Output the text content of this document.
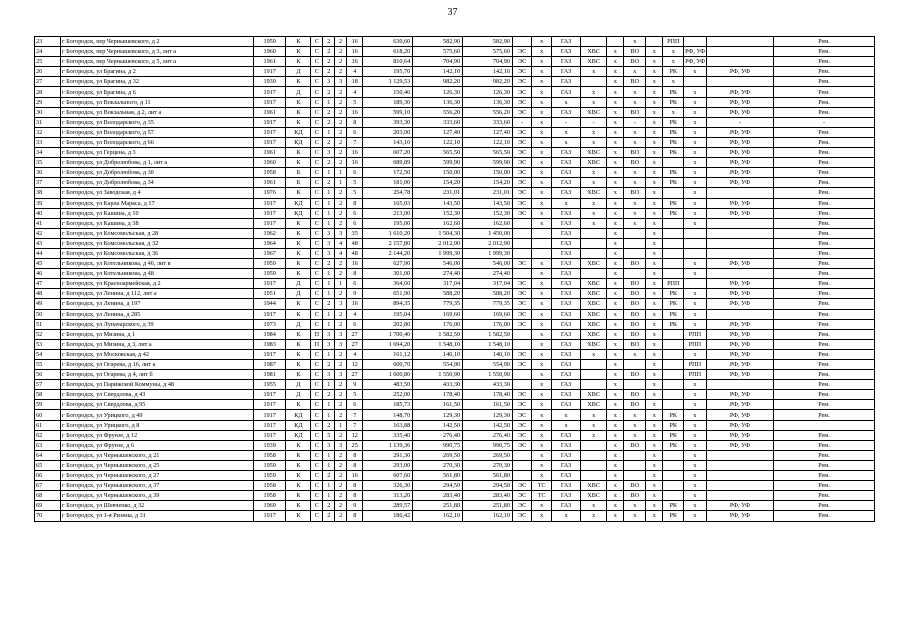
37
23	г Богородск, пер Чернышевского, д 2	1959	К	С	2	2	16	630,60	582,90	582,90		х	ГАЗ			х		РПП			Рем.
24	г Богородск, пер Чернышевского, д 3, лит а	1960	К	С	2	2	16	618,20	575,60	575,60	ЭС	х	ГАЗ	ХВС	х	ВО	х	х	РФ, УФ		Рем.
25	г Богородск, пер Чернышевского, д 5, лит а	1961	К	С	2	2	16	810,64	704,90	704,90	ЭС	х	ГАЗ	ХВС	х	ВО	х	х	РФ, УФ		Рем.
26	г Богородск, ул Брагина, д 2	1917	Д	С	2	2	4	195,70	142,10	142,10	ЭС	х	ГАЗ	х	х	х	х	РК	х	РФ, УФ	Рем.
27	г Богородск, ул Брагина, д 32	1939	К	С	3	3	18	1 129,53	982,20	982,20	ЭС	х	ГАЗ		х	ВО	х	х			Рем.
28	г Богородск, ул Брагина, д 6	1917	Д	С	2	2	4	150,46	126,30	126,30	ЭС	х	ГАЗ	х	х	х	х	РК	х	РФ, УФ	Рем.
29	г Богородск, ул Вокзального, д 11	1917	К	С	1	2	5	189,30	136,30	136,30	ЭС	х	х	х	х	х	х	РК	х	РФ, УФ	Рем.
30	г Богородск, ул Вокзальная, д 2, лит а	1961	К	С	2	2	16	599,10	556,20	556,20	ЭС	х	ГАЗ	ХВС	х	ВО	х	х	х	РФ, УФ	Рем.
31	г Богородск, ул Володарского, д 35	1917	К	С	2	2	8	393,30	333,60	333,60	-	х	-	-	х	-	х	РК	х	-	-
32	г Богородск, ул Володарского, д 57	1917	КД	С	1	2	6	203,00	127,40	127,40	ЭС	х	х	х	х	х	х	РК	х	РФ, УФ	Рем.
33	г Богородск, ул Володарского, д 66	1917	КД	С	2	2	7	143,10	122,10	122,10	ЭС	х	х	х	х	х	х	РК	х	РФ, УФ	Рем.
34	г Богородск, ул Герцена, д 3	1961	К	С	3	2	16	607,20	565,50	565,50	ЭС	х	ГАЗ	ХВС	х	ВО	х	РК	х	РФ, УФ	Рем.
35	г Богородск, ул Добролюбова, д 1, лит а	1960	К	С	2	2	16	689,89	599,90	599,90	ЭС	х	ГАЗ	ХВС	х	ВО	х		х	РФ, УФ	Рем.
36	г Богородск, ул Добролюбова, д 30	1958	Б	С	1	1	6	172,50	150,00	150,00	ЭС	х	ГАЗ	х	х	х	х	РК	х	РФ, УФ	Рем.
37	г Богородск, ул Добролюбова, д 34	1961	Б	С	2	1	5	181,00	154,20	154,20	ЭС	х	ГАЗ	х	х	х	х	РК	х	РФ, УФ	Рем.
38	г Богородск, ул Заводская, д 4	1976	К	С	1	2	5	254,78	231,01	231,01	ЭС	х	ГАЗ	ХВС	х	ВО	х		х		Рем.
39	г Богородск, ул Карла Маркса, д 17	1917	КД	С	1	2	8	165,03	143,50	143,50	ЭС	х	х	х	х	х	х	РК	х	РФ, УФ	Рем.
40	г Богородск, ул Кашина, д 10	1917	КД	С	1	2	6	213,00	152,30	152,30	ЭС	х	ГАЗ	х	х	х	х	РК	х	РФ, УФ	Рем.
41	г Богородск, ул Кашина, д 38	1917	К	С	1	2	6	195,00	162,60	162,60		х	ГАЗ	х	х	х	х		х		Рем.
42	г Богородск, ул Комсомольская, д 28	1962	К	С	3	3	35	1 610,20	1 504,30	1 450,00			ГАЗ		х		х				Рем.
43	г Богородск, ул Комсомольская, д 32	1964	К	С	3	4	48	2 157,80	2 012,90	2 012,90			ГАЗ		х		х				Рем.
44	г Богородск, ул Комсомольская, д 36	1967	К	С	3	4	48	2 144,20	1 999,30	1 999,30			ГАЗ		х		х				Рем.
45	г Богородск, ул Котельникова, д 46, лит в	1959	К	С	2	2	16	627,90	546,00	546,00	ЭС	х	ГАЗ	ХВС	х	ВО	х		х	РФ, УФ	Рем.
46	г Богородск, ул Котельникова, д 48	1959	К	С	1	2	8	301,00	274,40	274,40		х	ГАЗ		х		х		х		Рем.
47	г Богородск, ул Красноармейская, д 2	1917	Д	С	1	1	6	364,60	317,04	317,04	ЭС	х	ГАЗ	ХВС	х	ВО	х	РПП		РФ, УФ	Рем.
48	г Богородск, ул Ленина, д 112, лит а	1951	Д	С	1	2	9	651,90	588,20	588,20	ЭС	х	ГАЗ	ХВС	х	ВО	х	РК	х	РФ, УФ	Рем.
49	г Богородск, ул Ленина, д 197	1944	К	С	2	3	16	894,35	779,35	779,35	ЭС	х	ГАЗ	ХВС	х	ВО	х	РК	х	РФ, УФ	Рем.
50	г Богородск, ул Ленина, д 285	1917	К	С	1	2	4	195,04	169,60	169,60	ЭС	х	ГАЗ	ХВС	х	ВО	х	РК	х		Рем.
51	г Богородск, ул Луначарского, д 39	1973	Д	С	1	2	6	202,80	176,00	176,00	ЭС	х	ГАЗ	ХВС	х	ВО	х	РК	х	РФ, УФ	Рем.
52	г Богородск, ул Мизина, д 1	1984	К	П	3	3	27	1 700,40	1 582,50	1 582,50		х	ГАЗ	ХВС	х	ВО	х		РПП	РФ, УФ	Рем.
53	г Богородск, ул Мизина, д 3, лит а	1983	К	П	3	3	27	1 694,20	1 548,10	1 548,10		х	ГАЗ	ХВС	х	ВО	х		РПП	РФ, УФ	Рем.
54	г Богородск, ул Московская, д 42	1917	К	С	1	2	4	161,12	140,10	140,10	ЭС	х	ГАЗ	х	х	х	х		х	РФ, УФ	Рем.
55	г Богородск, ул Огарева, д 16, лит а	1987	К	С	2	2	12	600,70	554,90	554,90	ЭС	х	ГАЗ		х		х		РПП	РФ, УФ	Рем.
56	г Богородск, ул Огарева, д 4, лит б	1981	К	С	3	3	27	1 600,80	1 550,90	1 550,90		х	ГАЗ		х	ВО	х		РПП	РФ, УФ	Рем.
57	г Богородск, ул Парижской Коммуны, д 48	1955	Д	С	1	2	9	483,50	433,30	433,30		х	ГАЗ		х		х		х		Рем.
58	г Богородск, ул Свердлова, д 43	1917	Д	С	2	2	5	252,00	178,40	178,40	ЭС	х	ГАЗ	ХВС	х	ВО	х		х	РФ, УФ	Рем.
59	г Богородск, ул Свердлова, д 95	1917	К	С	1	2	6	185,73	161,50	161,50	ЭС	х	ГАЗ	ХВС	х	ВО	х		х	РФ, УФ	Рем.
60	г Богородск, ул Урицкого, д 49	1917	КД	С	1	2	7	148,70	129,30	129,30	ЭС	х	х	х	х	х	х	РК	х	РФ, УФ	Рем.
61	г Богородск, ул Урицкого, д 8	1917	КД	С	2	1	7	163,88	142,50	142,50	ЭС	х	х	х	х	х	х	РК	х	РФ, УФ	
62	г Богородск, ул Фрунзе, д 12	1917	КД	С	5	2	12	335,40	276,40	276,40	ЭС	х	ГАЗ	х	х	х	х	РК	х	РФ, УФ	Рем.
63	г Богородск, ул Фрунзе, д 6	1939	К	С	3	3	25	1 139,36	990,75	990,75	ЭС	х	ГАЗ		х	ВО	х	РК	х	РФ, УФ	Рем.
64	г Богородск, ул Чернышевского, д 21	1958	К	С	1	2	8	291,30	269,50	269,50		х	ГАЗ		х		х		х		Рем.
65	г Богородск, ул Чернышевского, д 25	1959	К	С	1	2	8	293,00	270,30	270,30		х	ГАЗ		х		х		х		Рем.
66	г Богородск, ул Чернышевского, д 27	1959	К	С	2	2	16	607,60	561,80	561,80		х	ГАЗ		х		х		х		Рем.
67	г Богородск, ул Чернышевского, д 37	1958	К	С	1	2	8	326,30	294,50	294,50	ЭС	ТС	ГАЗ	ХВС	х	ВО	х		х		Рем.
68	г Богородск, ул Чернышевского, д 39	1958	К	С	1	2	8	313,20	283,40	283,40	ЭС	ТС	ГАЗ	ХВС	х	ВО	х		х		Рем.
69	г Богородск, ул Шевченко, д 32	1969	К	С	2	2	9	289,57	251,80	251,80	ЭС	х	ГАЗ	х	х	х	х	РК	х	РФ, УФ	Рем.
70	г Богородск, ул 1-я Ризина, д 31	1917	К	С	2	2	8	186,42	162,10	162,10	ЭС	х	х	х	х	х	х	РК	х	РФ, УФ	Рем.
